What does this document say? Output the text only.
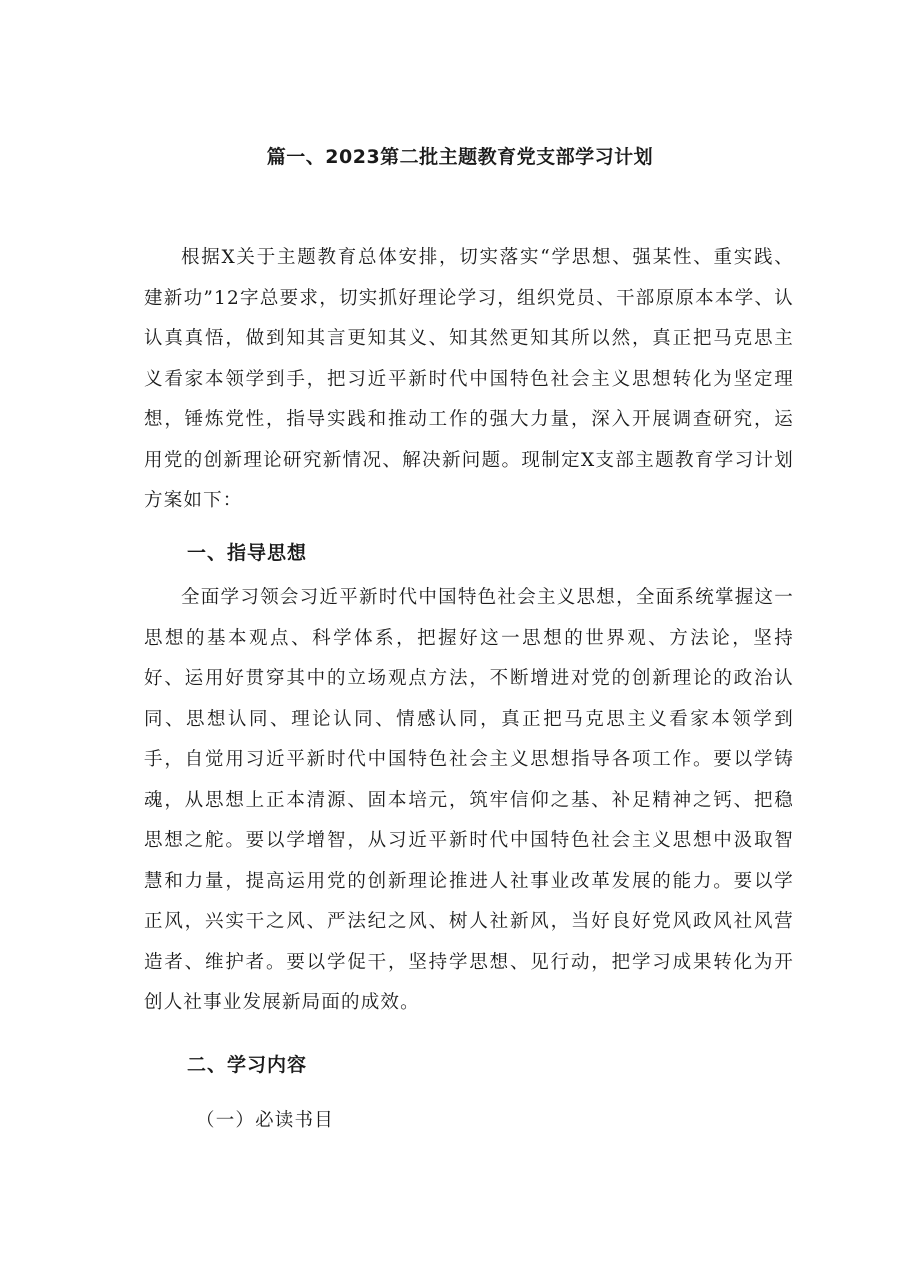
篇一、2023第二批主题教育党支部学习计划

根据X关于主题教育总体安排，切实落实“学思想、强某性、重实践、建新功”12字总要求，切实抓好理论学习，组织党员、干部原原本本学、认认真真悟，做到知其言更知其义、知其然更知其所以然，真正把马克思主义看家本领学到手，把习近平新时代中国特色社会主义思想转化为坚定理想，锤炼党性，指导实践和推动工作的强大力量，深入开展调查研究，运用党的创新理论研究新情况、解决新问题。现制定X支部主题教育学习计划方案如下：

一、指导思想

全面学习领会习近平新时代中国特色社会主义思想，全面系统掌握这一思想的基本观点、科学体系，把握好这一思想的世界观、方法论，坚持好、运用好贯穿其中的立场观点方法，不断增进对党的创新理论的政治认同、思想认同、理论认同、情感认同，真正把马克思主义看家本领学到手，自觉用习近平新时代中国特色社会主义思想指导各项工作。要以学铸魂，从思想上正本清源、固本培元，筑牢信仰之基、补足精神之钙、把稳思想之舵。要以学增智，从习近平新时代中国特色社会主义思想中汲取智慧和力量，提高运用党的创新理论推进人社事业改革发展的能力。要以学正风，兴实干之风、严法纪之风、树人社新风，当好良好党风政风社风营造者、维护者。要以学促干，坚持学思想、见行动，把学习成果转化为开创人社事业发展新局面的成效。

二、学习内容
（一）必读书目
